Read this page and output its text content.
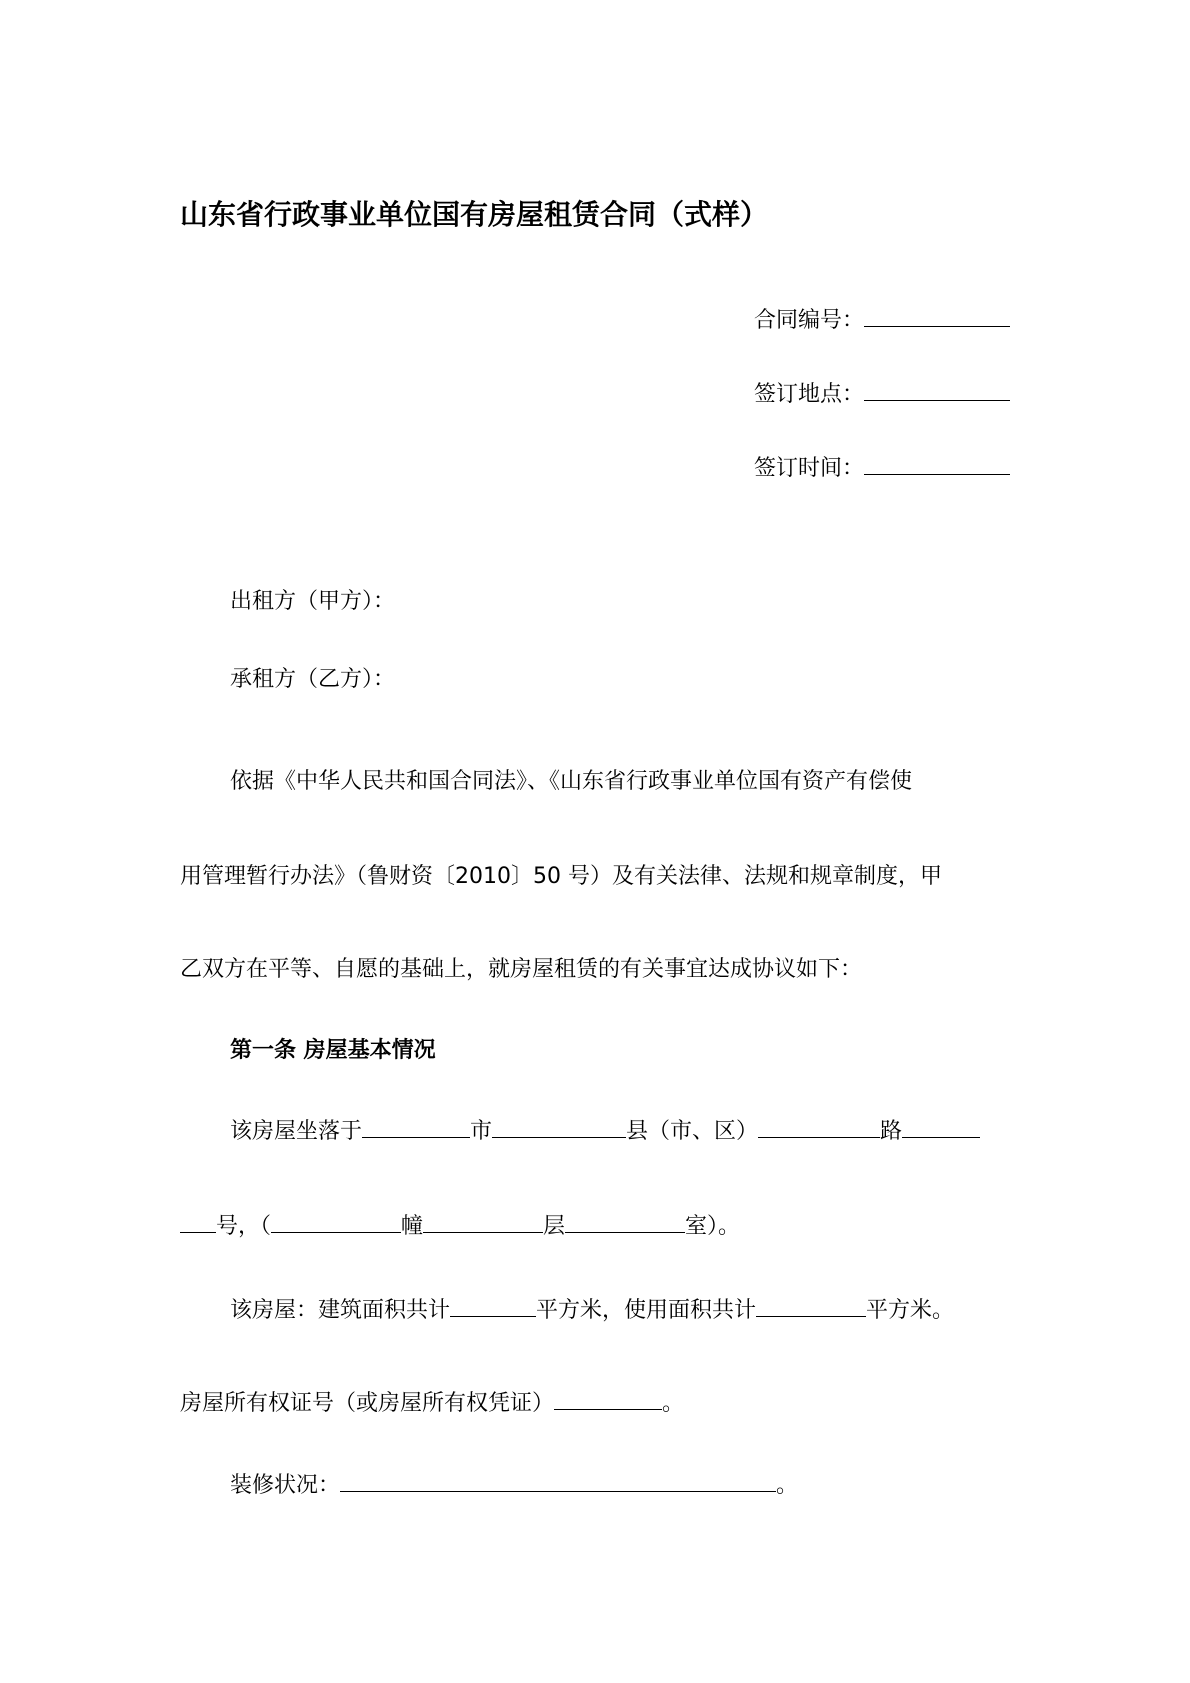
山东省行政事业单位国有房屋租赁合同（式样）
合同编号：
签订地点：
签订时间：
出租方（甲方）：
承租方（乙方）：
依据《中华人民共和国合同法》、《山东省行政事业单位国有资产有偿使
用管理暂行办法》（鲁财资〔2010〕50 号）及有关法律、法规和规章制度，甲
乙双方在平等、自愿的基础上，就房屋租赁的有关事宜达成协议如下：
第一条 房屋基本情况
该房屋坐落于	市	县（市、区）	路
号，（	幢	层	室）。
该房屋：建筑面积共计	平方米，使用面积共计	平方米。
房屋所有权证号（或房屋所有权凭证）	。
装修状况：	。
